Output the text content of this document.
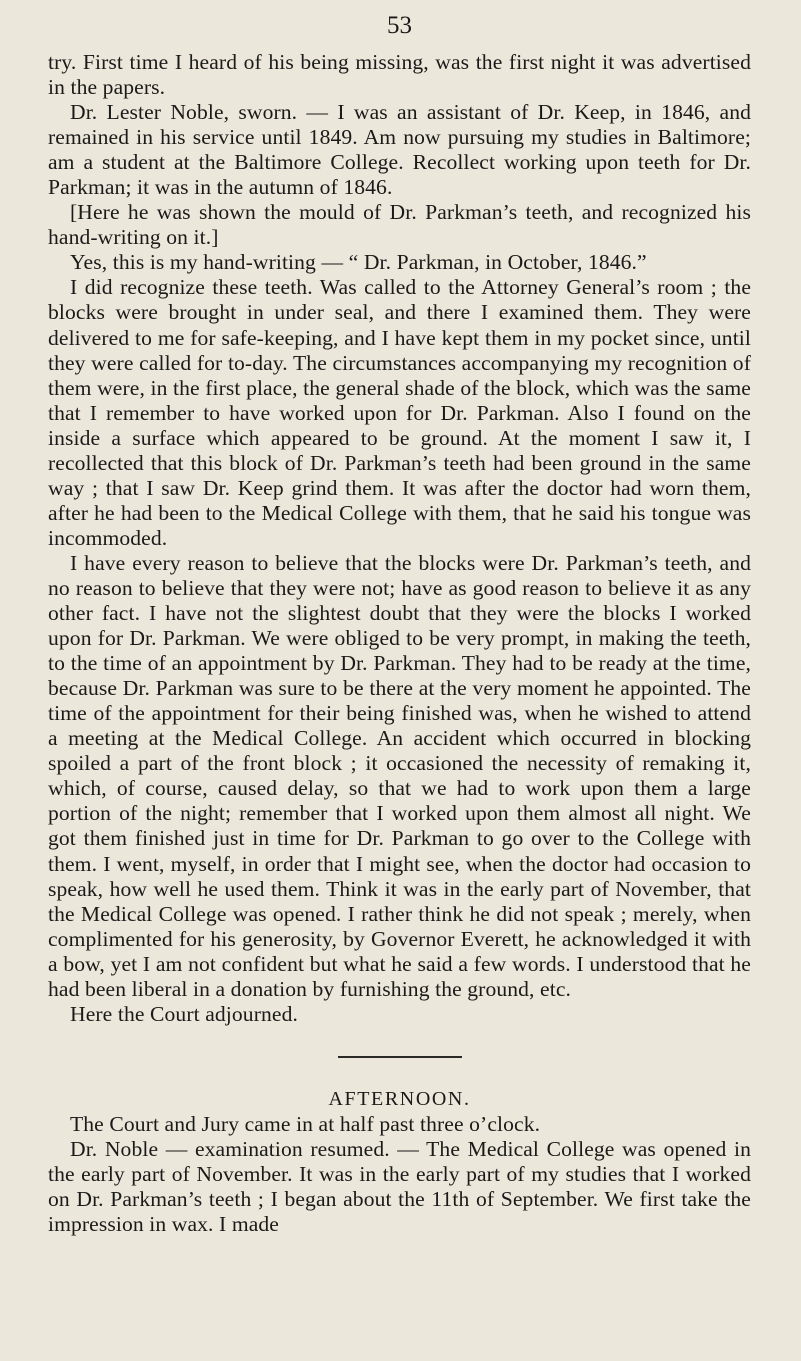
53

try. First time I heard of his being missing, was the first night it was advertised in the papers.

Dr. Lester Noble, sworn. — I was an assistant of Dr. Keep, in 1846, and remained in his service until 1849. Am now pursuing my studies in Baltimore; am a student at the Baltimore College. Recollect working upon teeth for Dr. Parkman; it was in the autumn of 1846.

[Here he was shown the mould of Dr. Parkman’s teeth, and recognized his hand-writing on it.]

Yes, this is my hand-writing — “ Dr. Parkman, in October, 1846.”

I did recognize these teeth. Was called to the Attorney General’s room ; the blocks were brought in under seal, and there I examined them. They were delivered to me for safe-keeping, and I have kept them in my pocket since, until they were called for to-day. The circumstances accompanying my recognition of them were, in the first place, the general shade of the block, which was the same that I remember to have worked upon for Dr. Parkman. Also I found on the inside a surface which appeared to be ground. At the moment I saw it, I recollected that this block of Dr. Parkman’s teeth had been ground in the same way ; that I saw Dr. Keep grind them. It was after the doctor had worn them, after he had been to the Medical College with them, that he said his tongue was incommoded.

I have every reason to believe that the blocks were Dr. Parkman’s teeth, and no reason to believe that they were not; have as good reason to believe it as any other fact. I have not the slightest doubt that they were the blocks I worked upon for Dr. Parkman. We were obliged to be very prompt, in making the teeth, to the time of an appointment by Dr. Parkman. They had to be ready at the time, because Dr. Parkman was sure to be there at the very moment he appointed. The time of the appointment for their being finished was, when he wished to attend a meeting at the Medical College. An accident which occurred in blocking spoiled a part of the front block ; it occasioned the necessity of remaking it, which, of course, caused delay, so that we had to work upon them a large portion of the night; remember that I worked upon them almost all night. We got them finished just in time for Dr. Parkman to go over to the College with them. I went, myself, in order that I might see, when the doctor had occasion to speak, how well he used them. Think it was in the early part of November, that the Medical College was opened. I rather think he did not speak ; merely, when complimented for his generosity, by Governor Everett, he acknowledged it with a bow, yet I am not confident but what he said a few words. I understood that he had been liberal in a donation by furnishing the ground, etc.

Here the Court adjourned.

AFTERNOON.

The Court and Jury came in at half past three o’clock.

Dr. Noble — examination resumed. — The Medical College was opened in the early part of November. It was in the early part of my studies that I worked on Dr. Parkman’s teeth ; I began about the 11th of September. We first take the impression in wax. I made
